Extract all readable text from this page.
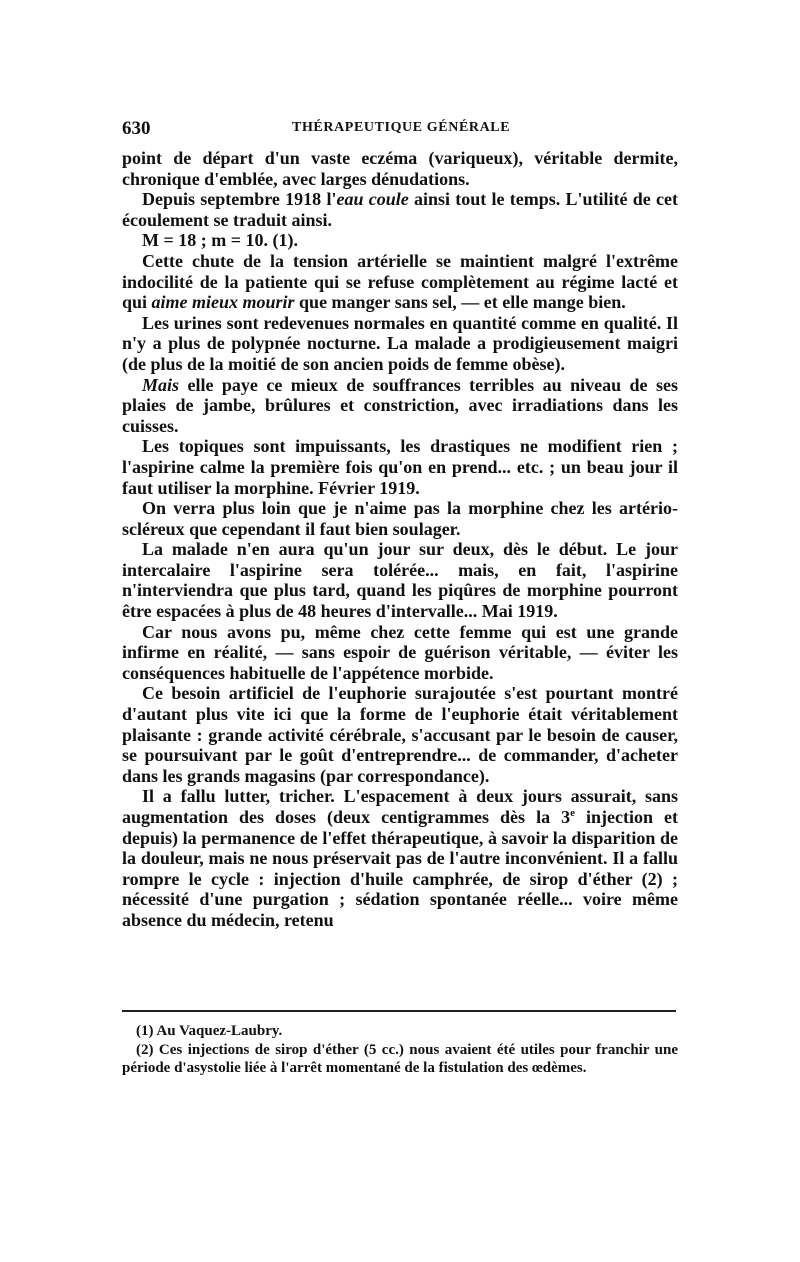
630	THÉRAPEUTIQUE GÉNÉRALE

point de départ d'un vaste eczéma (variqueux), véritable dermite, chronique d'emblée, avec larges dénudations.

Depuis septembre 1918 l'eau coule ainsi tout le temps. L'utilité de cet écoulement se traduit ainsi.

M = 18 ; m = 10. (1).

Cette chute de la tension artérielle se maintient malgré l'extrême indocilité de la patiente qui se refuse complètement au régime lacté et qui aime mieux mourir que manger sans sel, — et elle mange bien.

Les urines sont redevenues normales en quantité comme en qualité. Il n'y a plus de polypnée nocturne. La malade a prodigieusement maigri (de plus de la moitié de son ancien poids de femme obèse).

Mais elle paye ce mieux de souffrances terribles au niveau de ses plaies de jambe, brûlures et constriction, avec irradiations dans les cuisses.

Les topiques sont impuissants, les drastiques ne modifient rien ; l'aspirine calme la première fois qu'on en prend... etc. ; un beau jour il faut utiliser la morphine. Février 1919.

On verra plus loin que je n'aime pas la morphine chez les artério-scléreux que cependant il faut bien soulager.

La malade n'en aura qu'un jour sur deux, dès le début. Le jour intercalaire l'aspirine sera tolérée... mais, en fait, l'aspirine n'interviendra que plus tard, quand les piqûres de morphine pourront être espacées à plus de 48 heures d'intervalle... Mai 1919.

Car nous avons pu, même chez cette femme qui est une grande infirme en réalité, — sans espoir de guérison véritable, — éviter les conséquences habituelle de l'appétence morbide.

Ce besoin artificiel de l'euphorie surajoutée s'est pourtant montré d'autant plus vite ici que la forme de l'euphorie était véritablement plaisante : grande activité cérébrale, s'accusant par le besoin de causer, se poursuivant par le goût d'entreprendre... de commander, d'acheter dans les grands magasins (par correspondance).

Il a fallu lutter, tricher. L'espacement à deux jours assurait, sans augmentation des doses (deux centigrammes dès la 3e injection et depuis) la permanence de l'effet thérapeutique, à savoir la disparition de la douleur, mais ne nous préservait pas de l'autre inconvénient. Il a fallu rompre le cycle : injection d'huile camphrée, de sirop d'éther (2) ; nécessité d'une purgation ; sédation spontanée réelle... voire même absence du médecin, retenu

(1) Au Vaquez-Laubry.

(2) Ces injections de sirop d'éther (5 cc.) nous avaient été utiles pour franchir une période d'asystolie liée à l'arrêt momentané de la fistulation des œdèmes.
